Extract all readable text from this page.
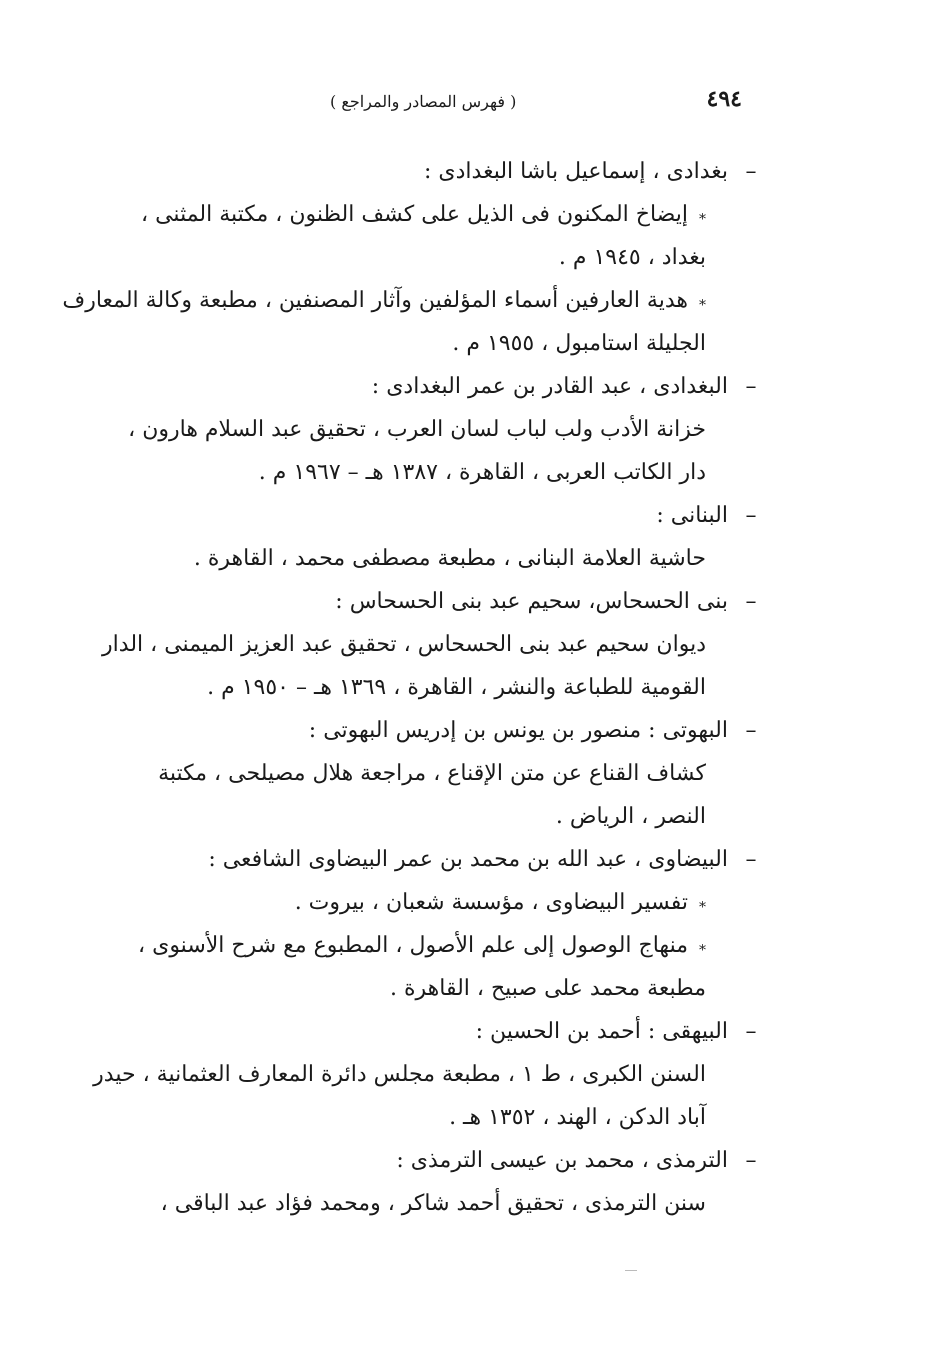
٤٩٤
( فهرس المصادر والمراجع )
–بغدادى ، إسماعيل باشا البغدادى :
⁎إيضاخ المكنون فى الذيل على كشف الظنون ، مكتبة المثنى ،
بغداد ، ١٩٤٥ م .
⁎هدية العارفين أسماء المؤلفين وآثار المصنفين ، مطبعة وكالة المعارف
الجليلة استامبول ، ١٩٥٥ م .
–البغدادى ، عبد القادر بن عمر البغدادى :
خزانة الأدب ولب لباب لسان العرب ، تحقيق عبد السلام هارون ،
دار الكاتب العربى ، القاهرة ، ١٣٨٧ هـ – ١٩٦٧ م .
–البنانى :
حاشية العلامة البنانى ، مطبعة مصطفى محمد ، القاهرة .
–بنى الحسحاس، سحيم عبد بنى الحسحاس :
ديوان سحيم عبد بنى الحسحاس ، تحقيق عبد العزيز الميمنى ، الدار
القومية للطباعة والنشر ، القاهرة ، ١٣٦٩ هـ – ١٩٥٠ م .
–البهوتى : منصور بن يونس بن إدريس البهوتى :
كشاف القناع عن متن الإقناع ، مراجعة هلال مصيلحى ، مكتبة
النصر ، الرياض .
–البيضاوى ، عبد الله بن محمد بن عمر البيضاوى الشافعى :
⁎تفسير البيضاوى ، مؤسسة شعبان ، بيروت .
⁎منهاج الوصول إلى علم الأصول ، المطبوع مع شرح الأسنوى ،
مطبعة محمد على صبيح ، القاهرة .
–البيهقى : أحمد بن الحسين :
السنن الكبرى ، ط ١ ، مطبعة مجلس دائرة المعارف العثمانية ، حيدر
آباد الدكن ، الهند ، ١٣٥٢ هـ .
–الترمذى ، محمد بن عيسى الترمذى :
سنن الترمذى ، تحقيق أحمد شاكر ، ومحمد فؤاد عبد الباقى ،
